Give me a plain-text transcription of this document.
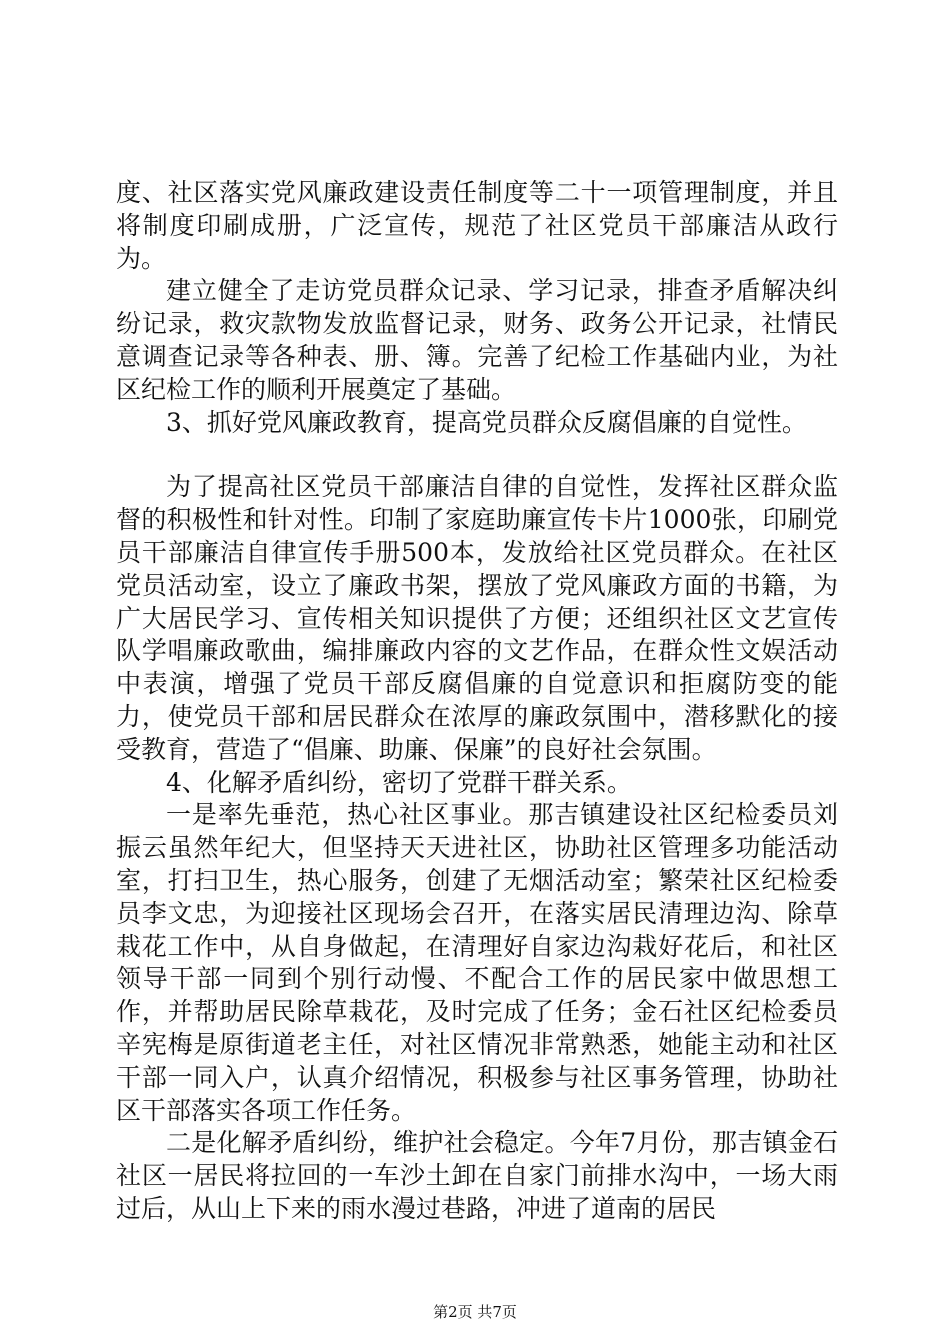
度、社区落实党风廉政建设责任制度等二十一项管理制度，并且将制度印刷成册，广泛宣传，规范了社区党员干部廉洁从政行为。

建立健全了走访党员群众记录、学习记录，排查矛盾解决纠纷记录，救灾款物发放监督记录，财务、政务公开记录，社情民意调查记录等各种表、册、簿。完善了纪检工作基础内业，为社区纪检工作的顺利开展奠定了基础。

3、抓好党风廉政教育，提高党员群众反腐倡廉的自觉性。

为了提高社区党员干部廉洁自律的自觉性，发挥社区群众监督的积极性和针对性。印制了家庭助廉宣传卡片1000张，印刷党员干部廉洁自律宣传手册500本，发放给社区党员群众。在社区党员活动室，设立了廉政书架，摆放了党风廉政方面的书籍，为广大居民学习、宣传相关知识提供了方便；还组织社区文艺宣传队学唱廉政歌曲，编排廉政内容的文艺作品，在群众性文娱活动中表演，增强了党员干部反腐倡廉的自觉意识和拒腐防变的能力，使党员干部和居民群众在浓厚的廉政氛围中，潜移默化的接受教育，营造了“倡廉、助廉、保廉”的良好社会氛围。

4、化解矛盾纠纷，密切了党群干群关系。

一是率先垂范，热心社区事业。那吉镇建设社区纪检委员刘振云虽然年纪大，但坚持天天进社区，协助社区管理多功能活动室，打扫卫生，热心服务，创建了无烟活动室；繁荣社区纪检委员李文忠，为迎接社区现场会召开，在落实居民清理边沟、除草栽花工作中，从自身做起，在清理好自家边沟栽好花后，和社区领导干部一同到个别行动慢、不配合工作的居民家中做思想工作，并帮助居民除草栽花，及时完成了任务；金石社区纪检委员辛宪梅是原街道老主任，对社区情况非常熟悉，她能主动和社区干部一同入户，认真介绍情况，积极参与社区事务管理，协助社区干部落实各项工作任务。

二是化解矛盾纠纷，维护社会稳定。今年7月份，那吉镇金石社区一居民将拉回的一车沙土卸在自家门前排水沟中，一场大雨过后，从山上下来的雨水漫过巷路，冲进了道南的居民

第2页 共7页
